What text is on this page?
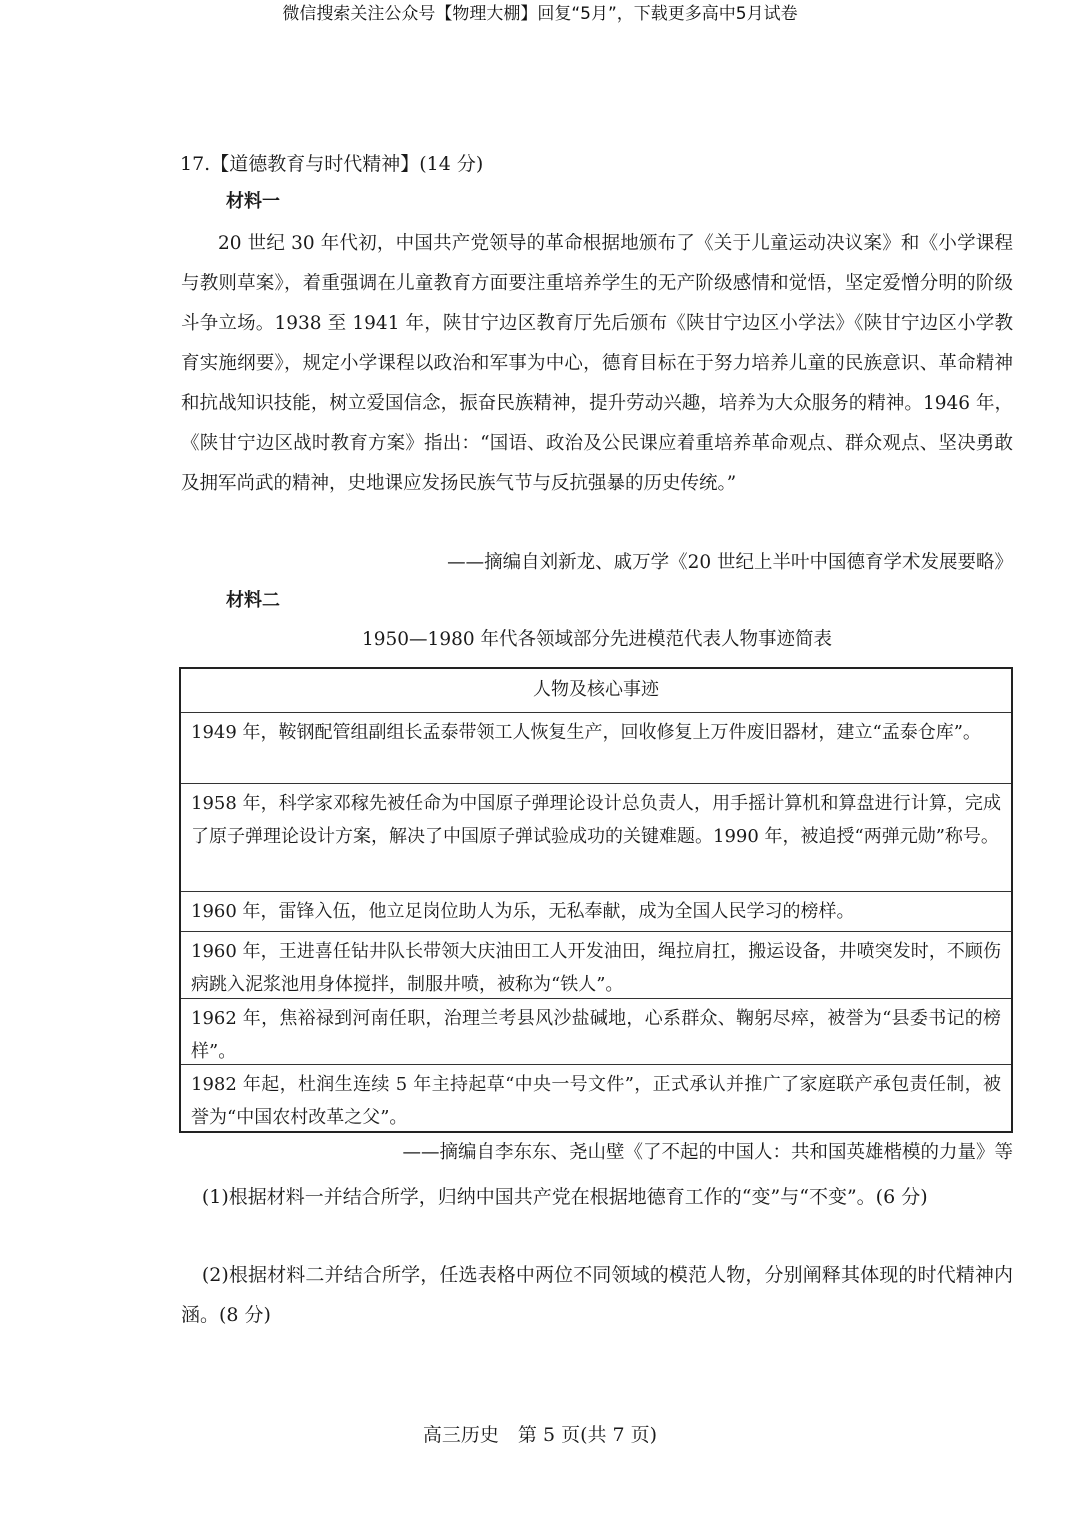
微信搜索关注公众号【物理大棚】回复“5月”，下载更多高中5月试卷
17.【道德教育与时代精神】(14 分)
材料一

20 世纪 30 年代初，中国共产党领导的革命根据地颁布了《关于儿童运动决议案》和《小学课程与教则草案》，着重强调在儿童教育方面要注重培养学生的无产阶级感情和觉悟，坚定爱憎分明的阶级斗争立场。1938 至 1941 年，陕甘宁边区教育厅先后颁布《陕甘宁边区小学法》《陕甘宁边区小学教育实施纲要》，规定小学课程以政治和军事为中心，德育目标在于努力培养儿童的民族意识、革命精神和抗战知识技能，树立爱国信念，振奋民族精神，提升劳动兴趣，培养为大众服务的精神。1946 年，《陕甘宁边区战时教育方案》指出：“国语、政治及公民课应着重培养革命观点、群众观点、坚决勇敢及拥军尚武的精神，史地课应发扬民族气节与反抗强暴的历史传统。”

——摘编自刘新龙、戚万学《20 世纪上半叶中国德育学术发展要略》
材料二
1950—1980 年代各领域部分先进模范代表人物事迹简表
人物及核心事迹
1949 年，鞍钢配管组副组长孟泰带领工人恢复生产，回收修复上万件废旧器材，建立“孟泰仓库”。
1958 年，科学家邓稼先被任命为中国原子弹理论设计总负责人，用手摇计算机和算盘进行计算，完成了原子弹理论设计方案，解决了中国原子弹试验成功的关键难题。1990 年，被追授“两弹元勋”称号。
1960 年，雷锋入伍，他立足岗位助人为乐，无私奉献，成为全国人民学习的榜样。
1960 年，王进喜任钻井队长带领大庆油田工人开发油田，绳拉肩扛，搬运设备，井喷突发时，不顾伤病跳入泥浆池用身体搅拌，制服井喷，被称为“铁人”。
1962 年，焦裕禄到河南任职，治理兰考县风沙盐碱地，心系群众、鞠躬尽瘁，被誉为“县委书记的榜样”。
1982 年起，杜润生连续 5 年主持起草“中央一号文件”，正式承认并推广了家庭联产承包责任制，被誉为“中国农村改革之父”。
——摘编自李东东、尧山壁《了不起的中国人：共和国英雄楷模的力量》等

(1)根据材料一并结合所学，归纳中国共产党在根据地德育工作的“变”与“不变”。(6 分)

(2)根据材料二并结合所学，任选表格中两位不同领域的模范人物，分别阐释其体现的时代精神内涵。(8 分)

高三历史　第 5 页(共 7 页)
